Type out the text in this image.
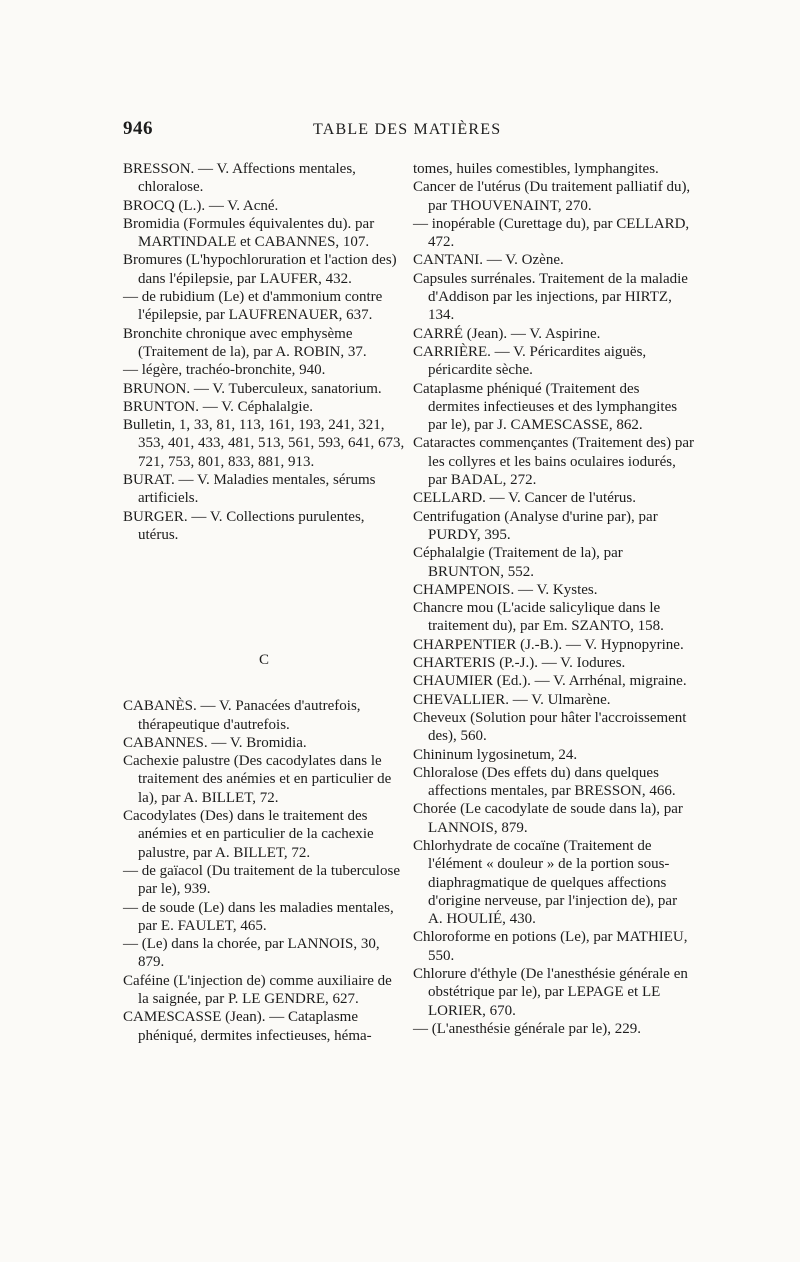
946	TABLE DES MATIÈRES

BRESSON. — V. Affections mentales, chloralose.

BROCQ (L.). — V. Acné.

Bromidia (Formules équivalentes du). par MARTINDALE et CABANNES, 107.

Bromures (L'hypochloruration et l'action des) dans l'épilepsie, par LAUFER, 432.

— de rubidium (Le) et d'ammonium contre l'épilepsie, par LAUFRENAUER, 637.

Bronchite chronique avec emphysème (Traitement de la), par A. ROBIN, 37.

— légère, trachéo-bronchite, 940.

BRUNON. — V. Tuberculeux, sanatorium.

BRUNTON. — V. Céphalalgie.

Bulletin, 1, 33, 81, 113, 161, 193, 241, 321, 353, 401, 433, 481, 513, 561, 593, 641, 673, 721, 753, 801, 833, 881, 913.

BURAT. — V. Maladies mentales, sérums artificiels.

BURGER. — V. Collections purulentes, utérus.

CABANÈS. — V. Panacées d'autrefois, thérapeutique d'autrefois.

CABANNES. — V. Bromidia.

Cachexie palustre (Des cacodylates dans le traitement des anémies et en particulier de la), par A. BILLET, 72.

Cacodylates (Des) dans le traitement des anémies et en particulier de la cachexie palustre, par A. BILLET, 72.

— de gaïacol (Du traitement de la tuberculose par le), 939.

— de soude (Le) dans les maladies mentales, par E. FAULET, 465.

— (Le) dans la chorée, par LANNOIS, 30, 879.

Caféine (L'injection de) comme auxiliaire de la saignée, par P. LE GENDRE, 627.

CAMESCASSE (Jean). — Cataplasme phéniqué, dermites infectieuses, héma-

C

tomes, huiles comestibles, lymphangites.

Cancer de l'utérus (Du traitement palliatif du), par THOUVENAINT, 270.

— inopérable (Curettage du), par CELLARD, 472.

CANTANI. — V. Ozène.

Capsules surrénales. Traitement de la maladie d'Addison par les injections, par HIRTZ, 134.

CARRÉ (Jean). — V. Aspirine.

CARRIÈRE. — V. Péricardites aiguës, péricardite sèche.

Cataplasme phéniqué (Traitement des dermites infectieuses et des lymphangites par le), par J. CAMESCASSE, 862.

Cataractes commençantes (Traitement des) par les collyres et les bains oculaires iodurés, par BADAL, 272.

CELLARD. — V. Cancer de l'utérus.

Centrifugation (Analyse d'urine par), par PURDY, 395.

Céphalalgie (Traitement de la), par BRUNTON, 552.

CHAMPENOIS. — V. Kystes.

Chancre mou (L'acide salicylique dans le traitement du), par Em. SZANTO, 158.

CHARPENTIER (J.-B.). — V. Hypnopyrine.

CHARTERIS (P.-J.). — V. Iodures.

CHAUMIER (Ed.). — V. Arrhénal, migraine.

CHEVALLIER. — V. Ulmarène.

Cheveux (Solution pour hâter l'accroissement des), 560.

Chininum lygosinetum, 24.

Chloralose (Des effets du) dans quelques affections mentales, par BRESSON, 466.

Chorée (Le cacodylate de soude dans la), par LANNOIS, 879.

Chlorhydrate de cocaïne (Traitement de l'élément « douleur » de la portion sous-diaphragmatique de quelques affections d'origine nerveuse, par l'injection de), par A. HOULIÉ, 430.

Chloroforme en potions (Le), par MATHIEU, 550.

Chlorure d'éthyle (De l'anesthésie générale en obstétrique par le), par LEPAGE et LE LORIER, 670.

— (L'anesthésie générale par le), 229.
